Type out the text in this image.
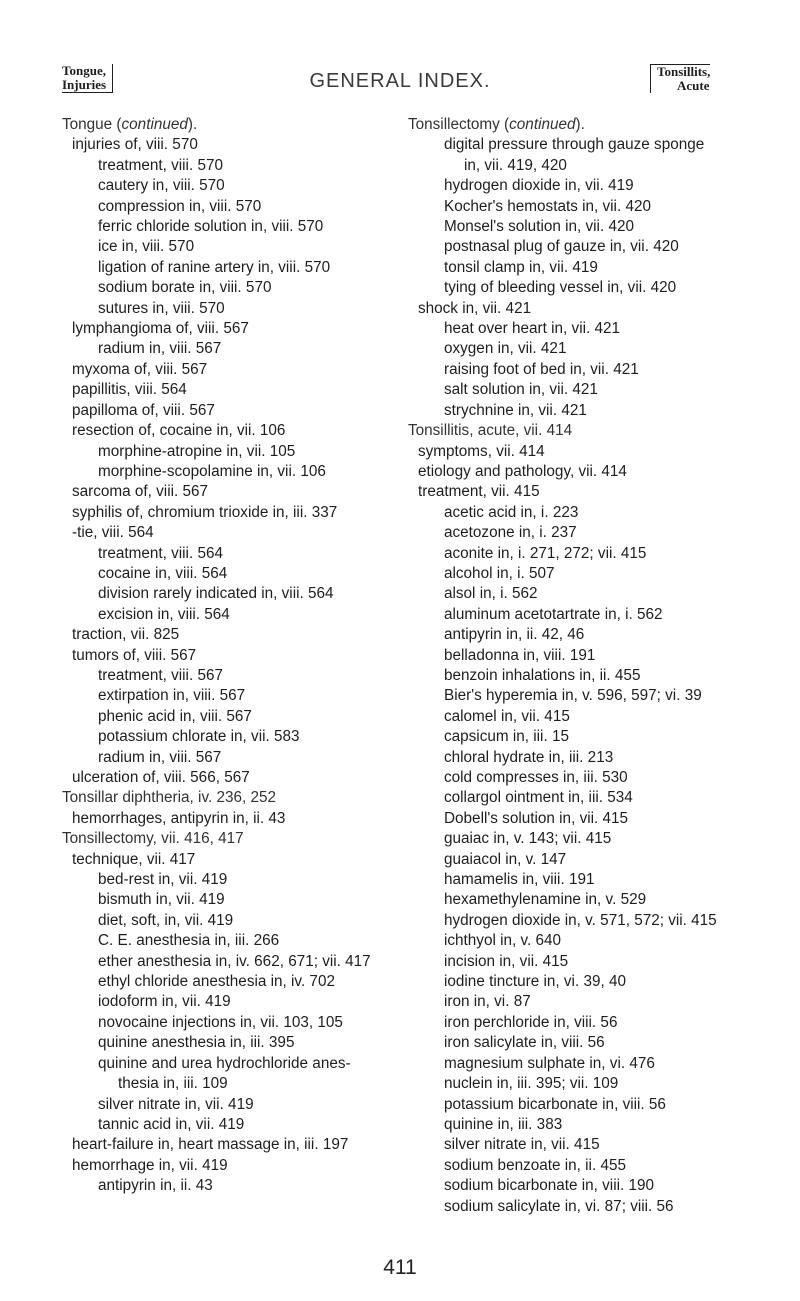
Tongue,
Injuries	GENERAL INDEX.	Tonsillits,
Acute
Tongue (continued).
injuries of, viii. 570
treatment, viii. 570
cautery in, viii. 570
compression in, viii. 570
ferric chloride solution in, viii. 570
ice in, viii. 570
ligation of ranine artery in, viii. 570
sodium borate in, viii. 570
sutures in, viii. 570
lymphangioma of, viii. 567
radium in, viii. 567
myxoma of, viii. 567
papillitis, viii. 564
papilloma of, viii. 567
resection of, cocaine in, vii. 106
morphine-atropine in, vii. 105
morphine-scopolamine in, vii. 106
sarcoma of, viii. 567
syphilis of, chromium trioxide in, iii. 337
-tie, viii. 564
treatment, viii. 564
cocaine in, viii. 564
division rarely indicated in, viii. 564
excision in, viii. 564
traction, vii. 825
tumors of, viii. 567
treatment, viii. 567
extirpation in, viii. 567
phenic acid in, viii. 567
potassium chlorate in, vii. 583
radium in, viii. 567
ulceration of, viii. 566, 567
Tonsillar diphtheria, iv. 236, 252
hemorrhages, antipyrin in, ii. 43
Tonsillectomy, vii. 416, 417
technique, vii. 417
bed-rest in, vii. 419
bismuth in, vii. 419
diet, soft, in, vii. 419
C. E. anesthesia in, iii. 266
ether anesthesia in, iv. 662, 671; vii. 417
ethyl chloride anesthesia in, iv. 702
iodoform in, vii. 419
novocaine injections in, vii. 103, 105
quinine anesthesia in, iii. 395
quinine and urea hydrochloride anes-
thesia in, iii. 109
silver nitrate in, vii. 419
tannic acid in, vii. 419
heart-failure in, heart massage in, iii. 197
hemorrhage in, vii. 419
antipyrin in, ii. 43
Tonsillectomy (continued).
digital pressure through gauze sponge
in, vii. 419, 420
hydrogen dioxide in, vii. 419
Kocher's hemostats in, vii. 420
Monsel's solution in, vii. 420
postnasal plug of gauze in, vii. 420
tonsil clamp in, vii. 419
tying of bleeding vessel in, vii. 420
shock in, vii. 421
heat over heart in, vii. 421
oxygen in, vii. 421
raising foot of bed in, vii. 421
salt solution in, vii. 421
strychnine in, vii. 421
Tonsillitis, acute, vii. 414
symptoms, vii. 414
etiology and pathology, vii. 414
treatment, vii. 415
acetic acid in, i. 223
acetozone in, i. 237
aconite in, i. 271, 272; vii. 415
alcohol in, i. 507
alsol in, i. 562
aluminum acetotartrate in, i. 562
antipyrin in, ii. 42, 46
belladonna in, viii. 191
benzoin inhalations in, ii. 455
Bier's hyperemia in, v. 596, 597; vi. 39
calomel in, vii. 415
capsicum in, iii. 15
chloral hydrate in, iii. 213
cold compresses in, iii. 530
collargol ointment in, iii. 534
Dobell's solution in, vii. 415
guaiac in, v. 143; vii. 415
guaiacol in, v. 147
hamamelis in, viii. 191
hexamethylenamine in, v. 529
hydrogen dioxide in, v. 571, 572; vii. 415
ichthyol in, v. 640
incision in, vii. 415
iodine tincture in, vi. 39, 40
iron in, vi. 87
iron perchloride in, viii. 56
iron salicylate in, viii. 56
magnesium sulphate in, vi. 476
nuclein in, iii. 395; vii. 109
potassium bicarbonate in, viii. 56
quinine in, iii. 383
silver nitrate in, vii. 415
sodium benzoate in, ii. 455
sodium bicarbonate in, viii. 190
sodium salicylate in, vi. 87; viii. 56
411
